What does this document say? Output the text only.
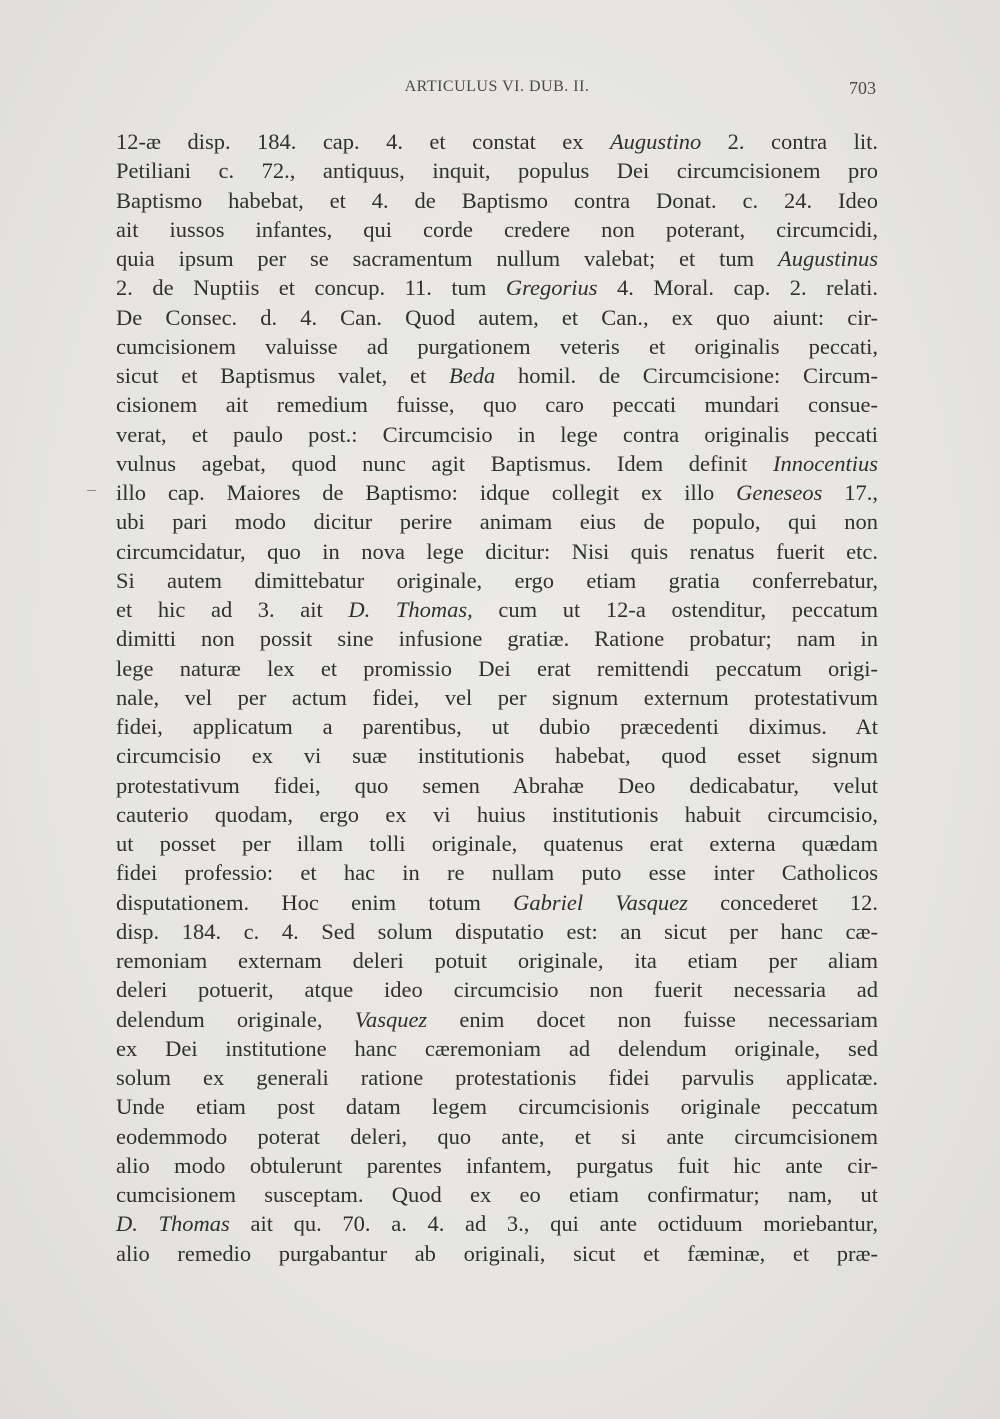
ARTICULUS VI. DUB. II.	703
12-æ disp. 184. cap. 4. et constat ex Augustino 2. contra lit.
Petiliani c. 72., antiquus, inquit, populus Dei circumcisionem pro
Baptismo habebat, et 4. de Baptismo contra Donat. c. 24. Ideo
ait iussos infantes, qui corde credere non poterant, circumcidi,
quia ipsum per se sacramentum nullum valebat; et tum Augustinus
2. de Nuptiis et concup. 11. tum Gregorius 4. Moral. cap. 2. relati.
De Consec. d. 4. Can. Quod autem, et Can., ex quo aiunt: cir-
cumcisionem valuisse ad purgationem veteris et originalis peccati,
sicut et Baptismus valet, et Beda homil. de Circumcisione: Circum-
cisionem ait remedium fuisse, quo caro peccati mundari consue-
verat, et paulo post.: Circumcisio in lege contra originalis peccati
vulnus agebat, quod nunc agit Baptismus. Idem definit Innocentius
illo cap. Maiores de Baptismo: idque collegit ex illo Geneseos 17.,
ubi pari modo dicitur perire animam eius de populo, qui non
circumcidatur, quo in nova lege dicitur: Nisi quis renatus fuerit etc.
Si autem dimittebatur originale, ergo etiam gratia conferrebatur,
et hic ad 3. ait D. Thomas, cum ut 12-a ostenditur, peccatum
dimitti non possit sine infusione gratiæ. Ratione probatur; nam in
lege naturæ lex et promissio Dei erat remittendi peccatum origi-
nale, vel per actum fidei, vel per signum externum protestativum
fidei, applicatum a parentibus, ut dubio præcedenti diximus. At
circumcisio ex vi suæ institutionis habebat, quod esset signum
protestativum fidei, quo semen Abrahæ Deo dedicabatur, velut
cauterio quodam, ergo ex vi huius institutionis habuit circumcisio,
ut posset per illam tolli originale, quatenus erat externa quædam
fidei professio: et hac in re nullam puto esse inter Catholicos
disputationem. Hoc enim totum Gabriel Vasquez concederet 12.
disp. 184. c. 4. Sed solum disputatio est: an sicut per hanc cæ-
remoniam externam deleri potuit originale, ita etiam per aliam
deleri potuerit, atque ideo circumcisio non fuerit necessaria ad
delendum originale, Vasquez enim docet non fuisse necessariam
ex Dei institutione hanc cæremoniam ad delendum originale, sed
solum ex generali ratione protestationis fidei parvulis applicatæ.
Unde etiam post datam legem circumcisionis originale peccatum
eodemmodo poterat deleri, quo ante, et si ante circumcisionem
alio modo obtulerunt parentes infantem, purgatus fuit hic ante cir-
cumcisionem susceptam. Quod ex eo etiam confirmatur; nam, ut
D. Thomas ait qu. 70. a. 4. ad 3., qui ante octiduum moriebantur,
alio remedio purgabantur ab originali, sicut et fæminæ, et præ-
